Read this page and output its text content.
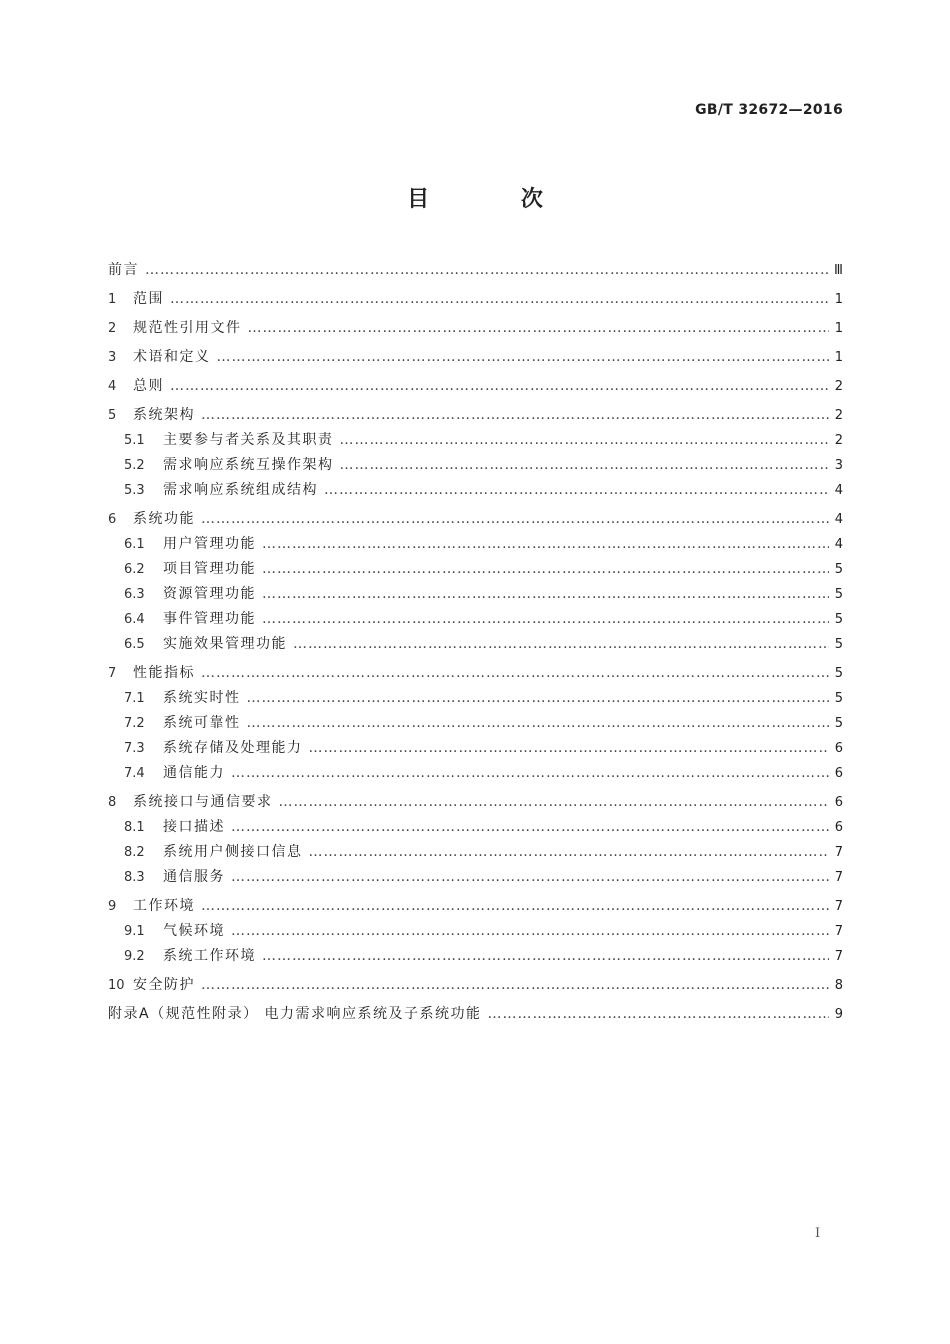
GB/T 32672—2016
目 次
前言 …………………………………………………………………………………………………………………………………………………………………………………………	Ⅲ
1	范围 …………………………………………………………………………………………………………………………………………………………………………………………	1
2	规范性引用文件 …………………………………………………………………………………………………………………………………………………………………………………………	1
3	术语和定义 …………………………………………………………………………………………………………………………………………………………………………………………	1
4	总则 …………………………………………………………………………………………………………………………………………………………………………………………	2
5	系统架构 …………………………………………………………………………………………………………………………………………………………………………………………	2
5.1	主要参与者关系及其职责 …………………………………………………………………………………………………………………………………………………………………………………………	2
5.2	需求响应系统互操作架构 …………………………………………………………………………………………………………………………………………………………………………………………	3
5.3	需求响应系统组成结构 …………………………………………………………………………………………………………………………………………………………………………………………	4
6	系统功能 …………………………………………………………………………………………………………………………………………………………………………………………	4
6.1	用户管理功能 …………………………………………………………………………………………………………………………………………………………………………………………	4
6.2	项目管理功能 …………………………………………………………………………………………………………………………………………………………………………………………	5
6.3	资源管理功能 …………………………………………………………………………………………………………………………………………………………………………………………	5
6.4	事件管理功能 …………………………………………………………………………………………………………………………………………………………………………………………	5
6.5	实施效果管理功能 …………………………………………………………………………………………………………………………………………………………………………………………	5
7	性能指标 …………………………………………………………………………………………………………………………………………………………………………………………	5
7.1	系统实时性 …………………………………………………………………………………………………………………………………………………………………………………………	5
7.2	系统可靠性 …………………………………………………………………………………………………………………………………………………………………………………………	5
7.3	系统存储及处理能力 …………………………………………………………………………………………………………………………………………………………………………………………	6
7.4	通信能力 …………………………………………………………………………………………………………………………………………………………………………………………	6
8	系统接口与通信要求 …………………………………………………………………………………………………………………………………………………………………………………………	6
8.1	接口描述 …………………………………………………………………………………………………………………………………………………………………………………………	6
8.2	系统用户侧接口信息 …………………………………………………………………………………………………………………………………………………………………………………………	7
8.3	通信服务 …………………………………………………………………………………………………………………………………………………………………………………………	7
9	工作环境 …………………………………………………………………………………………………………………………………………………………………………………………	7
9.1	气候环境 …………………………………………………………………………………………………………………………………………………………………………………………	7
9.2	系统工作环境 …………………………………………………………………………………………………………………………………………………………………………………………	7
10 安全防护 …………………………………………………………………………………………………………………………………………………………………………………………	8
附录A（规范性附录） 电力需求响应系统及子系统功能 …………………………………………………………………………………………………………………………………………………………………………………………	9
I
